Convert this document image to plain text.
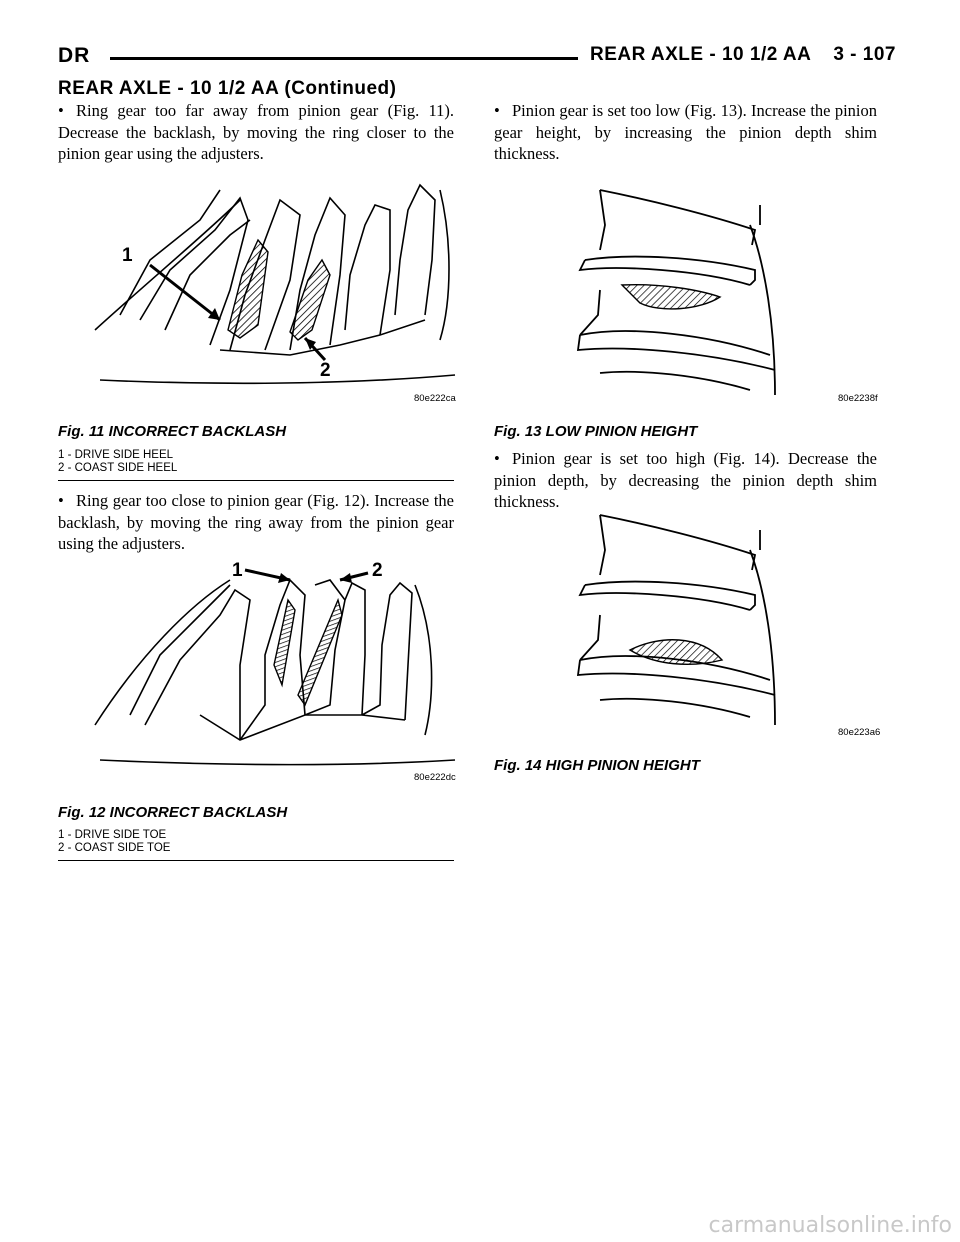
DR	REAR AXLE - 10 1/2 AA 3 - 107
REAR AXLE - 10 1/2 AA (Continued)
• Ring gear too far away from pinion gear (Fig. 11). Decrease the backlash, by moving the ring closer to the pinion gear using the adjusters.
1
2
80e222ca
Fig. 11 INCORRECT BACKLASH
1 - DRIVE SIDE HEEL
2 - COAST SIDE HEEL
• Ring gear too close to pinion gear (Fig. 12). Increase the backlash, by moving the ring away from the pinion gear using the adjusters.
1	2
80e222dc
Fig. 12 INCORRECT BACKLASH
1 - DRIVE SIDE TOE
2 - COAST SIDE TOE
• Pinion gear is set too low (Fig. 13). Increase the pinion gear height, by increasing the pinion depth shim thickness.
80e2238f
Fig. 13 LOW PINION HEIGHT
• Pinion gear is set too high (Fig. 14). Decrease the pinion depth, by decreasing the pinion depth shim thickness.
80e223a6
Fig. 14 HIGH PINION HEIGHT
carmanualsonline.info
